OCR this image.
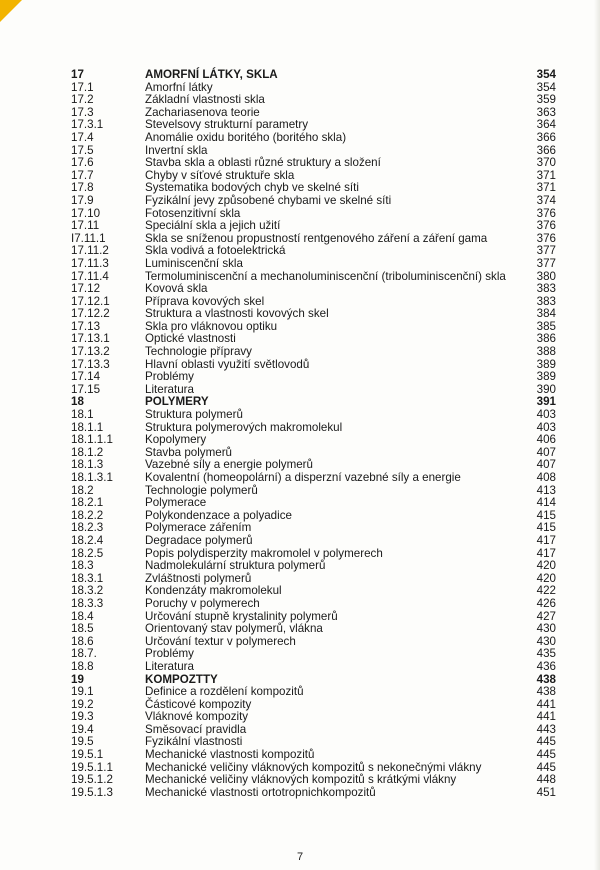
17	AMORFNÍ LÁTKY, SKLA	354
17.1	Amorfní látky	354
17.2	Základní vlastnosti skla	359
17.3	Zachariasenova teorie	363
17.3.1	Stevelsovy strukturní parametry	364
17.4	Anomálie oxidu boritého (boritého skla)	366
17.5	Invertní skla	366
17.6	Stavba skla a oblasti různé struktury a složení	370
17.7	Chyby v síťové struktuře skla	371
17.8	Systematika bodových chyb ve skelné síti	371
17.9	Fyzikální jevy způsobené chybami ve skelné síti	374
17.10	Fotosenzitivní skla	376
17.11	Speciální skla a jejich užití	376
I7.11.1	Skla se sníženou propustností rentgenového záření a záření gama	376
17.11.2	Skla vodivá a fotoelektrická	377
17.11.3	Luminiscenční skla	377
17.11.4	Termoluminiscenční a mechanoluminiscenční (triboluminiscenční) skla	380
17.12	Kovová skla	383
17.12.1	Příprava kovových skel	383
17.12.2	Struktura a vlastnosti kovových skel	384
17.13	Skla pro vláknovou optiku	385
17.13.1	Optické vlastnosti	386
17.13.2	Technologie přípravy	388
17.13.3	Hlavní oblasti využití světlovodů	389
17.14	Problémy	389
17.15	Literatura	390
18	POLYMERY	391
18.1	Struktura polymerů	403
18.1.1	Struktura polymerových makromolekul	403
18.1.1.1	Kopolymery	406
18.1.2	Stavba polymerů	407
18.1.3	Vazebné síly a energie polymerů	407
18.1.3.1	Kovalentní (homeopolární) a disperzní vazebné síly a energie	408
18.2	Technologie polymerů	413
18.2.1	Polymerace	414
18.2.2	Polykondenzace a polyadice	415
18.2.3	Polymerace zářením	415
18.2.4	Degradace polymerů	417
18.2.5	Popis polydisperzity makromolel v polymerech	417
18.3	Nadmolekulární struktura polymerů	420
18.3.1	Zvláštnosti polymerů	420
18.3.2	Kondenzáty makromolekul	422
18.3.3	Poruchy v polymerech	426
18.4	Určování stupně krystalinity polymerů	427
18.5	Orientovaný stav polymerů, vlákna	430
18.6	Určování textur v polymerech	430
18.7.	Problémy	435
18.8	Literatura	436
19	KOMPOZTTY	438
19.1	Definice a rozdělení kompozitů	438
19.2	Částicové kompozity	441
19.3	Vláknové kompozity	441
19.4	Směsovací pravidla	443
19.5	Fyzikální vlastnosti	445
19.5.1	Mechanické vlastnosti kompozitů	445
19.5.1.1	Mechanické veličiny vláknových kompozitů s nekonečnými vlákny	445
19.5.1.2	Mechanické veličiny vláknových kompozitů s krátkými vlákny	448
19.5.1.3	Mechanické vlastnosti ortotropnichkompozitů	451
7
